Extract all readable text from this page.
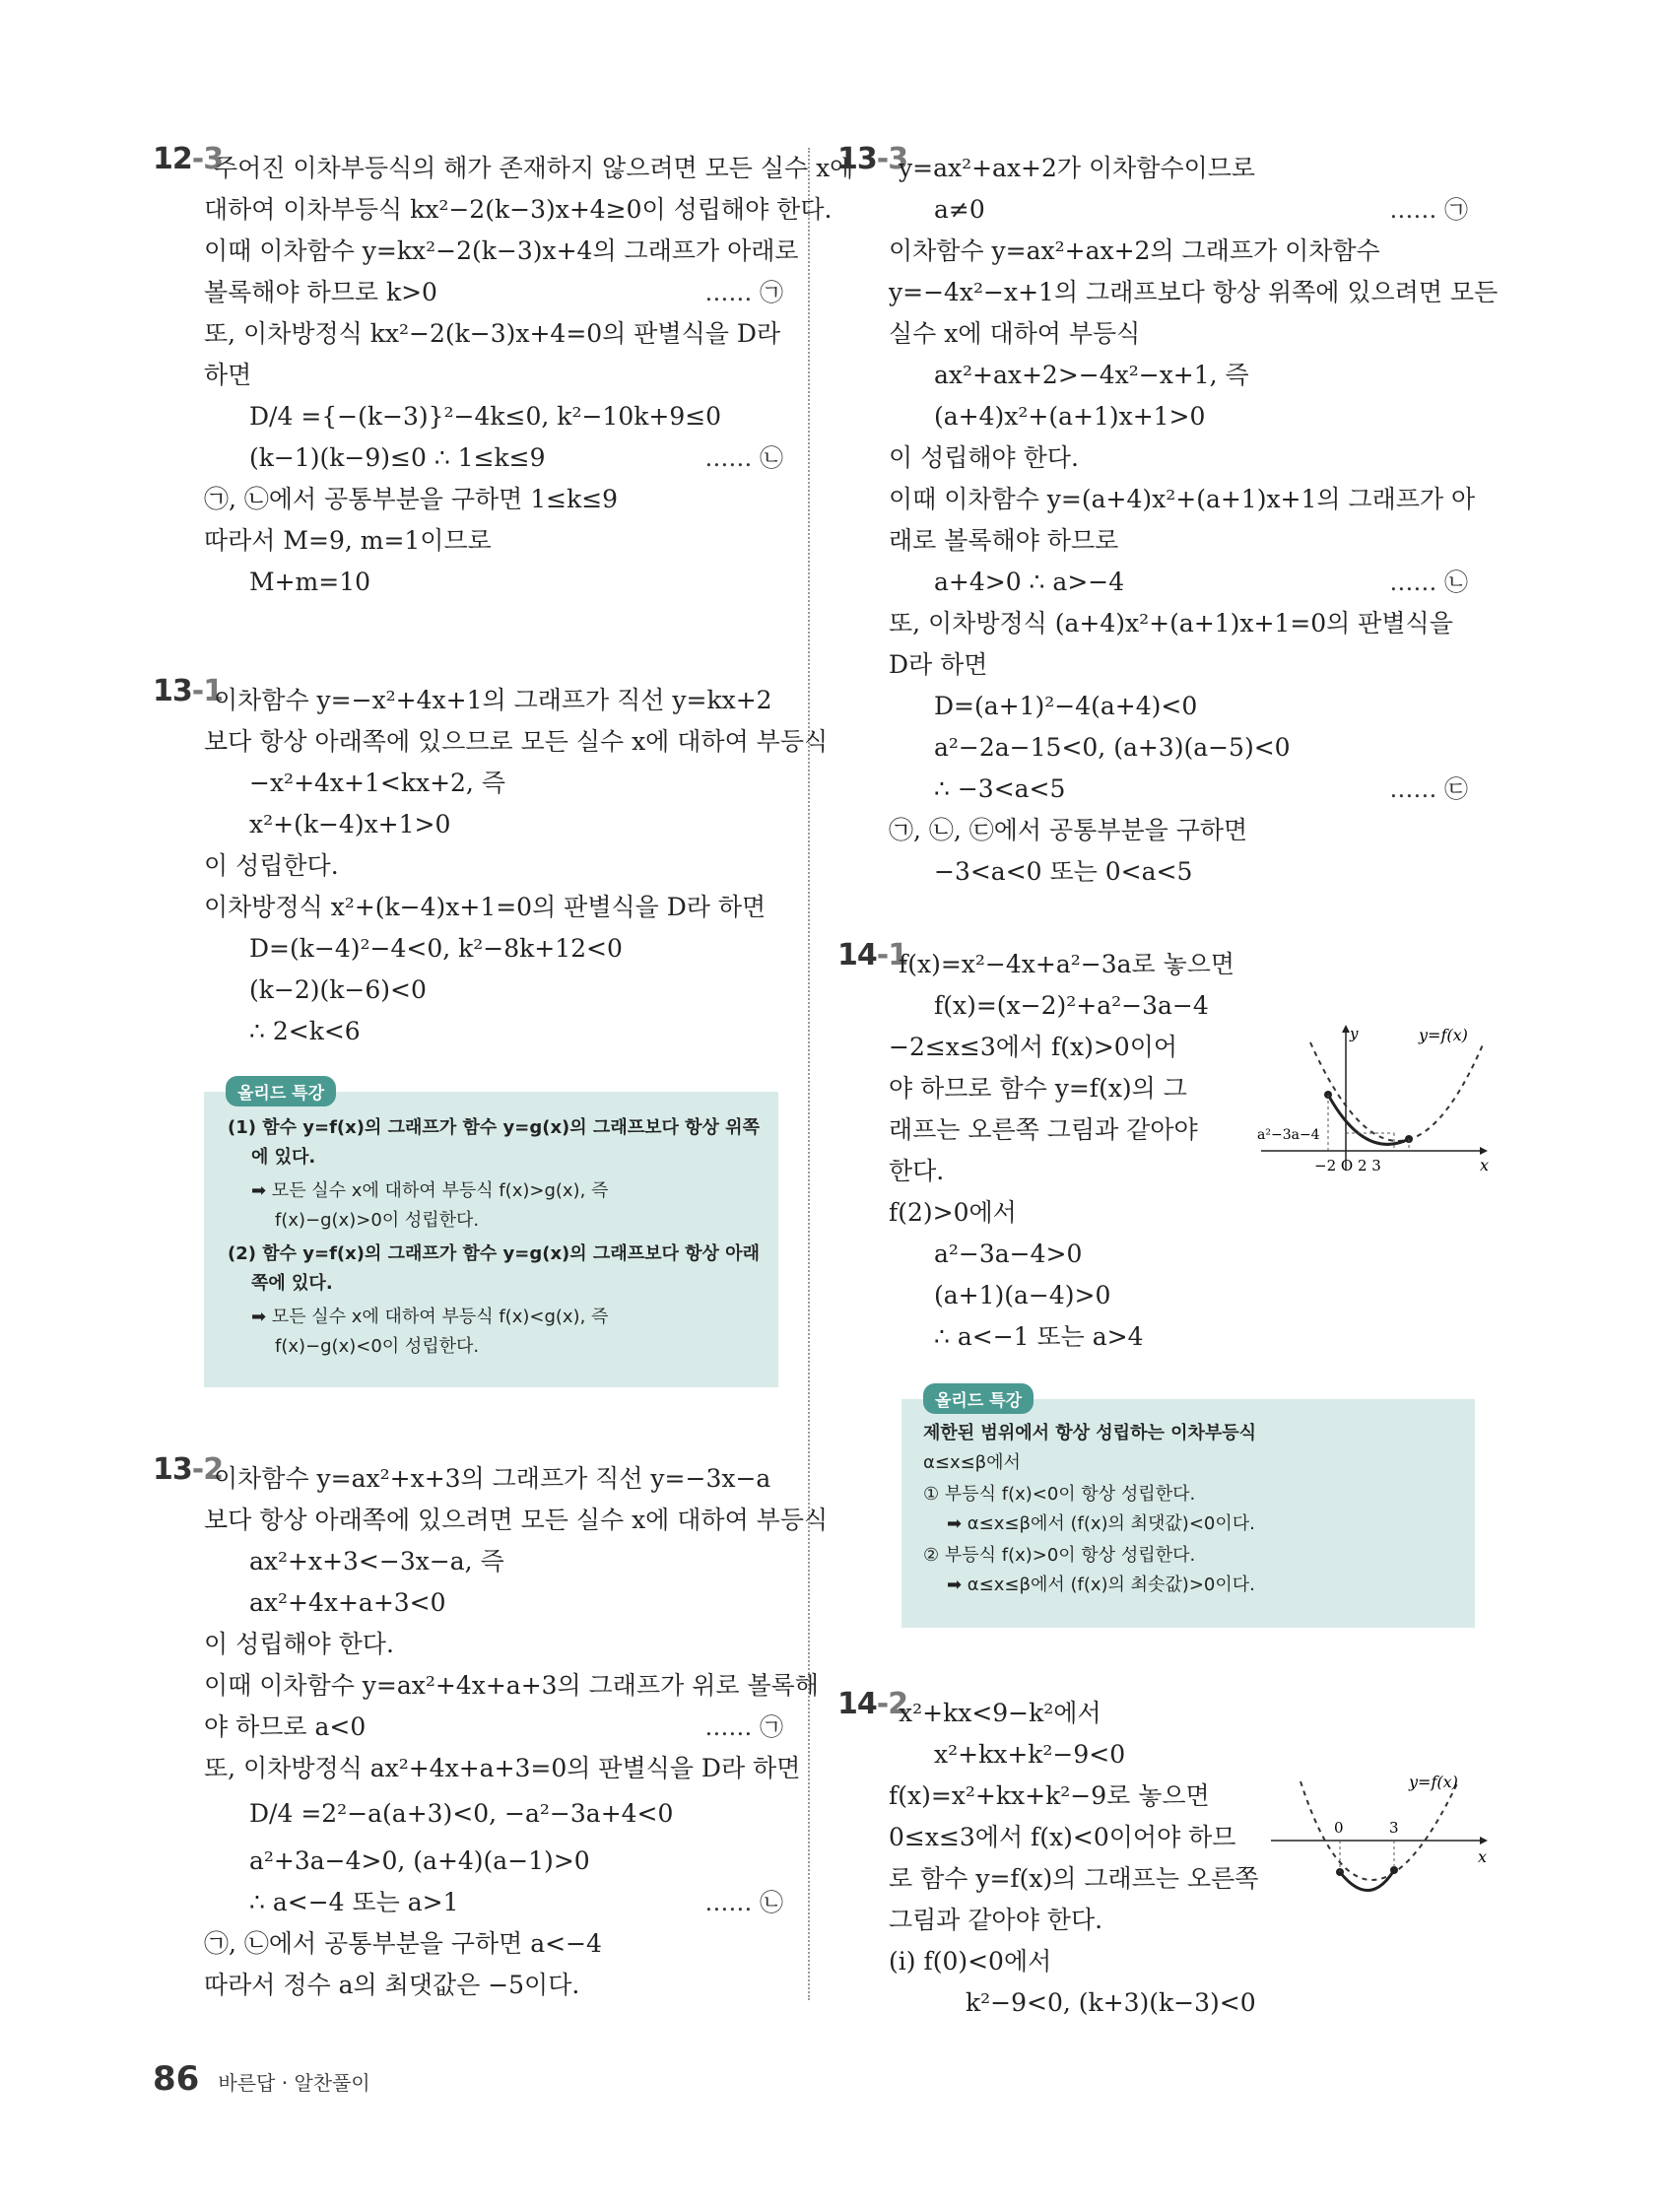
12-3
주어진 이차부등식의 해가 존재하지 않으려면 모든 실수 x에
대하여 이차부등식 kx²−2(k−3)x+4≥0이 성립해야 한다.
이때 이차함수 y=kx²−2(k−3)x+4의 그래프가 아래로
볼록해야 하므로 k>0	…… ㉠
또, 이차방정식 kx²−2(k−3)x+4=0의 판별식을 D라
하면
D/4 ={−(k−3)}²−4k≤0, k²−10k+9≤0
(k−1)(k−9)≤0 ∴ 1≤k≤9	…… ㉡
㉠, ㉡에서 공통부분을 구하면 1≤k≤9
따라서 M=9, m=1이므로
M+m=10
13-1
이차함수 y=−x²+4x+1의 그래프가 직선 y=kx+2
보다 항상 아래쪽에 있으므로 모든 실수 x에 대하여 부등식
−x²+4x+1<kx+2, 즉
x²+(k−4)x+1>0
이 성립한다.
이차방정식 x²+(k−4)x+1=0의 판별식을 D라 하면
D=(k−4)²−4<0, k²−8k+12<0
(k−2)(k−6)<0
∴ 2<k<6
올리드 특강
(1) 함수 y=f(x)의 그래프가 함수 y=g(x)의 그래프보다 항상 위쪽
에 있다.
➡ 모든 실수 x에 대하여 부등식 f(x)>g(x), 즉
f(x)−g(x)>0이 성립한다.
(2) 함수 y=f(x)의 그래프가 함수 y=g(x)의 그래프보다 항상 아래
쪽에 있다.
➡ 모든 실수 x에 대하여 부등식 f(x)<g(x), 즉
f(x)−g(x)<0이 성립한다.
13-2
이차함수 y=ax²+x+3의 그래프가 직선 y=−3x−a
보다 항상 아래쪽에 있으려면 모든 실수 x에 대하여 부등식
ax²+x+3<−3x−a, 즉
ax²+4x+a+3<0
이 성립해야 한다.
이때 이차함수 y=ax²+4x+a+3의 그래프가 위로 볼록해
야 하므로 a<0	…… ㉠
또, 이차방정식 ax²+4x+a+3=0의 판별식을 D라 하면
D/4 =2²−a(a+3)<0, −a²−3a+4<0
a²+3a−4>0, (a+4)(a−1)>0
∴ a<−4 또는 a>1	…… ㉡
㉠, ㉡에서 공통부분을 구하면 a<−4
따라서 정수 a의 최댓값은 −5이다.
13-3
y=ax²+ax+2가 이차함수이므로
a≠0	…… ㉠
이차함수 y=ax²+ax+2의 그래프가 이차함수
y=−4x²−x+1의 그래프보다 항상 위쪽에 있으려면 모든
실수 x에 대하여 부등식
ax²+ax+2>−4x²−x+1, 즉
(a+4)x²+(a+1)x+1>0
이 성립해야 한다.
이때 이차함수 y=(a+4)x²+(a+1)x+1의 그래프가 아
래로 볼록해야 하므로
a+4>0 ∴ a>−4	…… ㉡
또, 이차방정식 (a+4)x²+(a+1)x+1=0의 판별식을
D라 하면
D=(a+1)²−4(a+4)<0
a²−2a−15<0, (a+3)(a−5)<0
∴ −3<a<5	…… ㉢
㉠, ㉡, ㉢에서 공통부분을 구하면
−3<a<0 또는 0<a<5
14-1
f(x)=x²−4x+a²−3a로 놓으면
f(x)=(x−2)²+a²−3a−4
−2≤x≤3에서 f(x)>0이어
야 하므로 함수 y=f(x)의 그
래프는 오른쪽 그림과 같아야
한다.
f(2)>0에서
a²−3a−4>0
(a+1)(a−4)>0
∴ a<−1 또는 a>4
y	y=f(x)
a²−3a−4
x
−2 O 2 3
올리드 특강
제한된 범위에서 항상 성립하는 이차부등식
α≤x≤β에서
① 부등식 f(x)<0이 항상 성립한다.
➡ α≤x≤β에서 (f(x)의 최댓값)<0이다.
② 부등식 f(x)>0이 항상 성립한다.
➡ α≤x≤β에서 (f(x)의 최솟값)>0이다.
14-2
x²+kx<9−k²에서
x²+kx+k²−9<0
f(x)=x²+kx+k²−9로 놓으면
0≤x≤3에서 f(x)<0이어야 하므
로 함수 y=f(x)의 그래프는 오른쪽
그림과 같아야 한다.
(i) f(0)<0에서
k²−9<0, (k+3)(k−3)<0
y=f(x)
x
0	3
86 바른답 · 알찬풀이
